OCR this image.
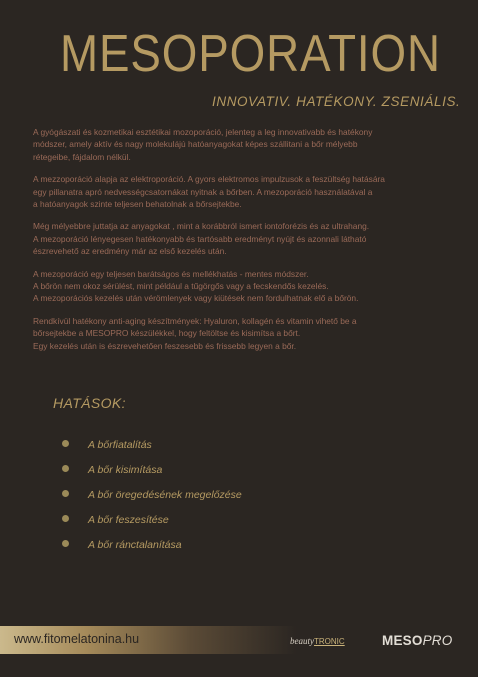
MESOPORATION
INNOVATIV. HATÉKONY. ZSENIÁLIS.

A gyógászati és kozmetikai esztétikai mozoporáció, jelenteg a leg innovativabb és hatékony
módszer, amely aktív és nagy molekulájú hatóanyagokat képes szállitani a bőr mélyebb
rétegeibe, fájdalom nélkül.

A mezzoporáció alapja az elektroporáció. A gyors elektromos impulzusok a feszültség hatására
egy pillanatra apró nedvességcsatornákat nyitnak a bőrben. A mezoporáció használatával a
a hatóanyagok szinte teljesen behatolnak a bőrsejtekbe.

Még mélyebbre juttatja az anyagokat , mint a korábbról ismert iontoforézis és az ultrahang.
A mezoporáció lényegesen hatékonyabb és tartósabb eredményt nyújt és azonnali látható
észrevehető az eredmény már az első kezelés után.

A mezoporáció egy teljesen barátságos és mellékhatás - mentes módszer.
A bőrön nem okoz sérülést, mint például a tűgörgős vagy a fecskendős kezelés.
A mezoporációs kezelés után vérömlenyek vagy kiütések nem fordulhatnak elő a bőrön.

Rendkívül hatékony anti-aging készítmények: Hyaluron, kollagén és vitamin vihető be a
bőrsejtekbe a MESOPRO készülékkel, hogy feltöltse és kisimítsa a bőrt.
Egy kezelés után is észrevehetően feszesebb és frissebb legyen a bőr.

HATÁSOK:
A bőrfiatalítás
A bőr kisimítása
A bőr öregedésének megelőzése
A bőr feszesítése
A bőr ránctalanítása
www.fitomelatonina.hu	beautyTRONIC	MESOPRO
